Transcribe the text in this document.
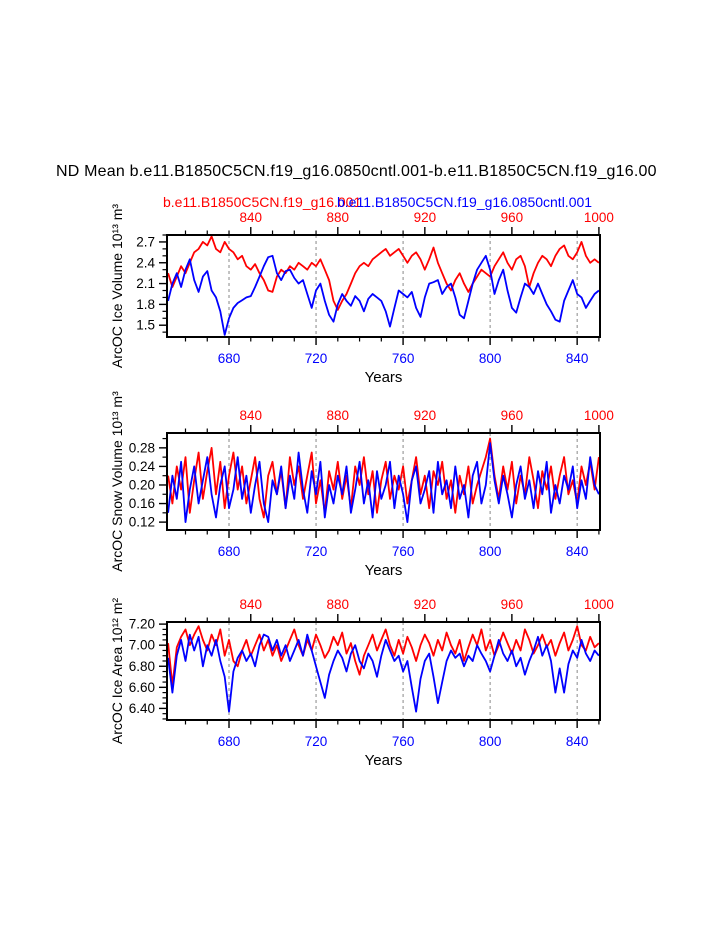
ND Mean b.e11.B1850C5CN.f19_g16.0850cntl.001-b.e11.B1850C5CN.f19_g16.00
b.e11.B1850C5CN.f19_g16.001
b.e11.B1850C5CN.f19_g16.0850cntl.001
1.5
1.8
2.1
2.4
2.7
680	720	760	800	840
840	880	920	960	1000
Years
ArcOC Ice Volume 10¹³ m³
0.12
0.16
0.20
0.24
0.28
680	720	760	800	840
840	880	920	960	1000
Years
ArcOC Snow Volume 10¹³ m³
6.40
6.60
6.80
7.00
7.20
680	720	760	800	840
840	880	920	960	1000
Years
ArcOC Ice Area 10¹² m²
